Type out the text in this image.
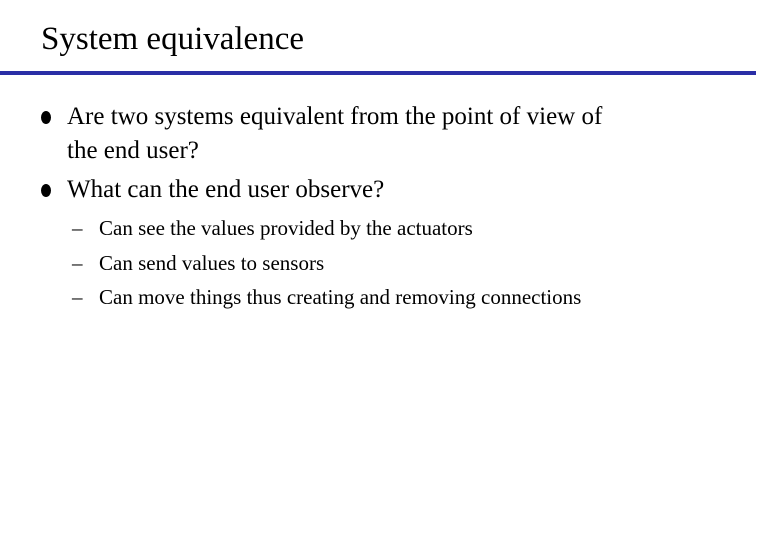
System equivalence
Are two systems equivalent from the point of view of
the end user?
What can the end user observe?
– Can see the values provided by the actuators
– Can send values to sensors
– Can move things thus creating and removing connections
